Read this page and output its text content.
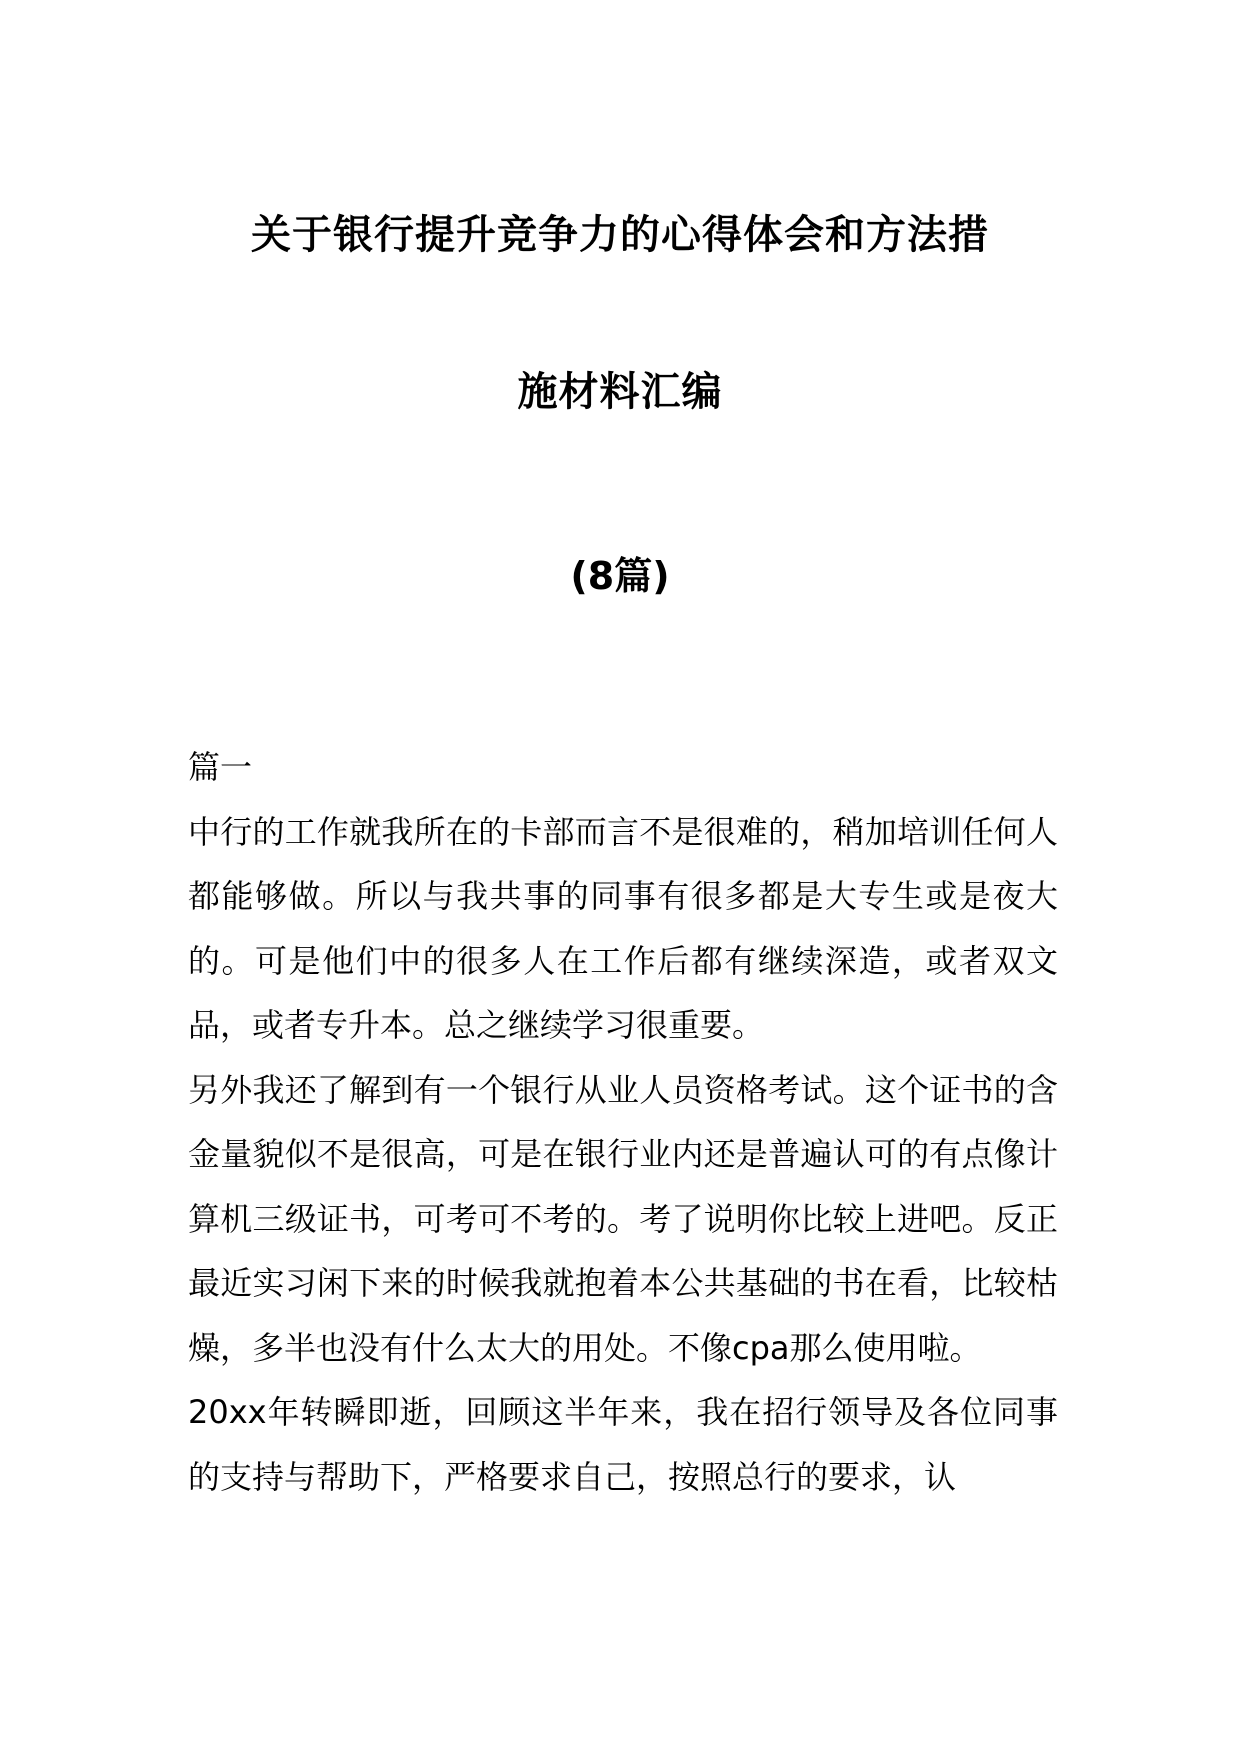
关于银行提升竞争力的心得体会和方法措
施材料汇编
(8篇)

篇一

中行的工作就我所在的卡部而言不是很难的，稍加培训任何人都能够做。所以与我共事的同事有很多都是大专生或是夜大的。可是他们中的很多人在工作后都有继续深造，或者双文品，或者专升本。总之继续学习很重要。

另外我还了解到有一个银行从业人员资格考试。这个证书的含金量貌似不是很高，可是在银行业内还是普遍认可的有点像计算机三级证书，可考可不考的。考了说明你比较上进吧。反正最近实习闲下来的时候我就抱着本公共基础的书在看，比较枯燥，多半也没有什么太大的用处。不像cpa那么使用啦。

20xx年转瞬即逝，回顾这半年来，我在招行领导及各位同事的支持与帮助下，严格要求自己，按照总行的要求，认
